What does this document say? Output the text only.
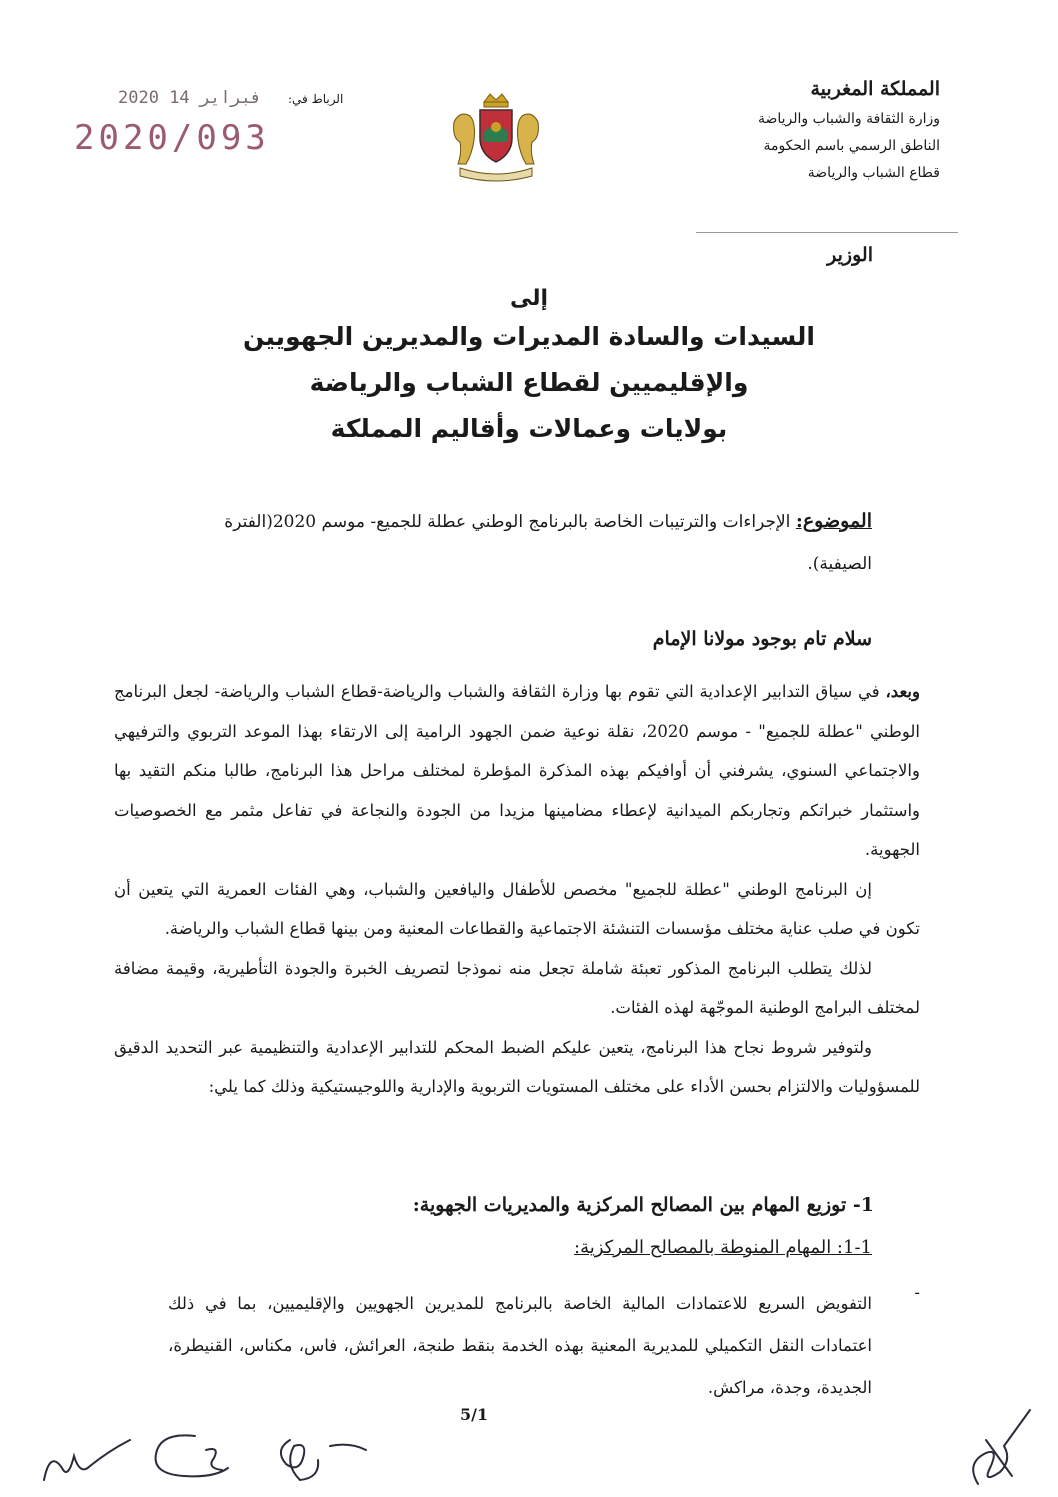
المملكة المغربية
وزارة الثقافة والشباب والرياضة
الناطق الرسمي باسم الحكومة
قطاع الشباب والرياضة
الوزير
الرباط في:
2020 فبراير 14
2020/093
إلى
السيدات والسادة المديرات والمديرين الجهويين
والإقليميين لقطاع الشباب والرياضة
بولايات وعمالات وأقاليم المملكة
الموضوع: الإجراءات والترتيبات الخاصة بالبرنامج الوطني عطلة للجميع- موسم 2020(الفترة الصيفية).
سلام تام بوجود مولانا الإمام

وبعد، في سياق التدابير الإعدادية التي تقوم بها وزارة الثقافة والشباب والرياضة-قطاع الشباب والرياضة- لجعل البرنامج الوطني "عطلة للجميع" - موسم 2020، نقلة نوعية ضمن الجهود الرامية إلى الارتقاء بهذا الموعد التربوي والترفيهي والاجتماعي السنوي، يشرفني أن أوافيكم بهذه المذكرة المؤطرة لمختلف مراحل هذا البرنامج، طالبا منكم التقيد بها واستثمار خبراتكم وتجاربكم الميدانية لإعطاء مضامينها مزيدا من الجودة والنجاعة في تفاعل مثمر مع الخصوصيات الجهوية.

إن البرنامج الوطني "عطلة للجميع" مخصص للأطفال واليافعين والشباب، وهي الفئات العمرية التي يتعين أن تكون في صلب عناية مختلف مؤسسات التنشئة الاجتماعية والقطاعات المعنية ومن بينها قطاع الشباب والرياضة.

لذلك يتطلب البرنامج المذكور تعبئة شاملة تجعل منه نموذجا لتصريف الخبرة والجودة التأطيرية، وقيمة مضافة لمختلف البرامج الوطنية الموجّهة لهذه الفئات.

ولتوفير شروط نجاح هذا البرنامج، يتعين عليكم الضبط المحكم للتدابير الإعدادية والتنظيمية عبر التحديد الدقيق للمسؤوليات والالتزام بحسن الأداء على مختلف المستويات التربوية والإدارية واللوجيستيكية وذلك كما يلي:

1- توزيع المهام بين المصالح المركزية والمديريات الجهوية:
1-1: المهام المنوطة بالمصالح المركزية:
-
التفويض السريع للاعتمادات المالية الخاصة بالبرنامج للمديرين الجهويين والإقليميين، بما في ذلك اعتمادات النقل التكميلي للمديرية المعنية بهذه الخدمة بنقط طنجة، العرائش، فاس، مكناس، القنيطرة، الجديدة، وجدة، مراكش.
5/1
